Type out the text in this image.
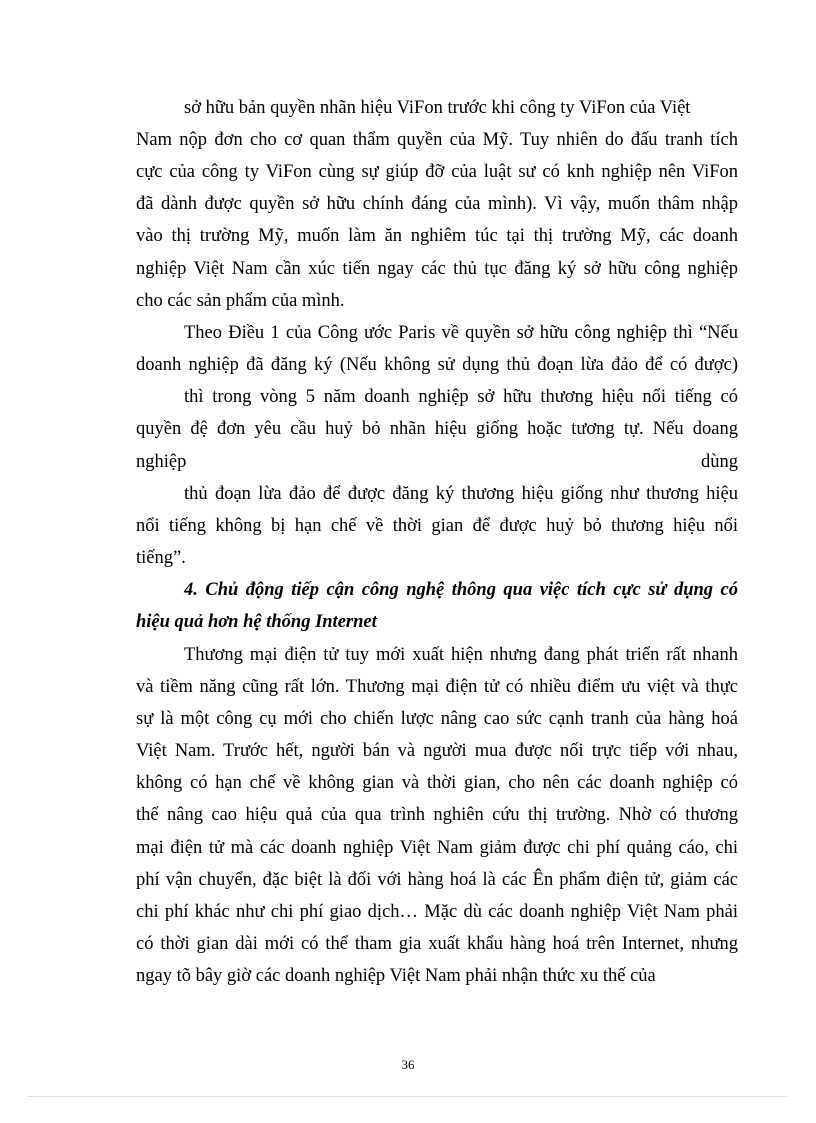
sở hữu bản quyền nhãn hiệu ViFon trước khi công ty ViFon của Việt

Nam nộp đơn cho cơ quan thẩm quyền của Mỹ. Tuy nhiên do đấu tranh tích

cực của công ty ViFon cùng sự giúp đỡ của luật sư có knh nghiệp nên ViFon

đã dành được quyền sở hữu chính đáng của mình). Vì vậy, muốn thâm nhập

vào thị trường Mỹ, muốn làm ăn nghiêm túc tại thị trường Mỹ, các doanh

nghiệp Việt Nam cần xúc tiến ngay các thủ tục đăng ký sở hữu công nghiệp

cho các sản phẩm của mình.

Theo Điều 1 của Công ước Paris về quyền sở hữu công nghiệp thì “Nếu

doanh nghiệp đã đăng ký (Nếu không sử dụng thủ đoạn lừa đảo để có được)

thì trong vòng 5 năm doanh nghiệp sở hữu thương hiệu nổi tiếng có

quyền đệ đơn yêu cầu huỷ bỏ nhãn hiệu giống hoặc tương tự. Nếu doang

nghiệp dùng

thủ đoạn lừa đảo để được đăng ký thương hiệu giống như thương hiệu

nổi tiếng không bị hạn chế về thời gian để được huỷ bỏ thương hiệu nổi

tiếng”.

4. Chủ động tiếp cận công nghệ thông qua việc tích cực sử dụng có

hiệu quả hơn hệ thống Internet

Thương mại điện tử tuy mới xuất hiện nhưng đang phát triển rất nhanh

và tiềm năng cũng rất lớn. Thương mại điện tử có nhiều điểm ưu việt và thực

sự là một công cụ mới cho chiến lược nâng cao sức cạnh tranh của hàng hoá

Việt Nam. Trước hết, người bán và người mua được nối trực tiếp với nhau,

không có hạn chế về không gian và thời gian, cho nên các doanh nghiệp có

thể nâng cao hiệu quả của qua trình nghiên cứu thị trường. Nhờ có thương

mại điện tử mà các doanh nghiệp Việt Nam giảm được chi phí quảng cáo, chi

phí vận chuyển, đặc biệt là đối với hàng hoá là các Ên phẩm điện tử, giảm các

chi phí khác như chi phí giao dịch… Mặc dù các doanh nghiệp Việt Nam phải

có thời gian dài mới có thể tham gia xuất khẩu hàng hoá trên Internet, nhưng

ngay tõ bây giờ các doanh nghiệp Việt Nam phải nhận thức xu thế của

36
